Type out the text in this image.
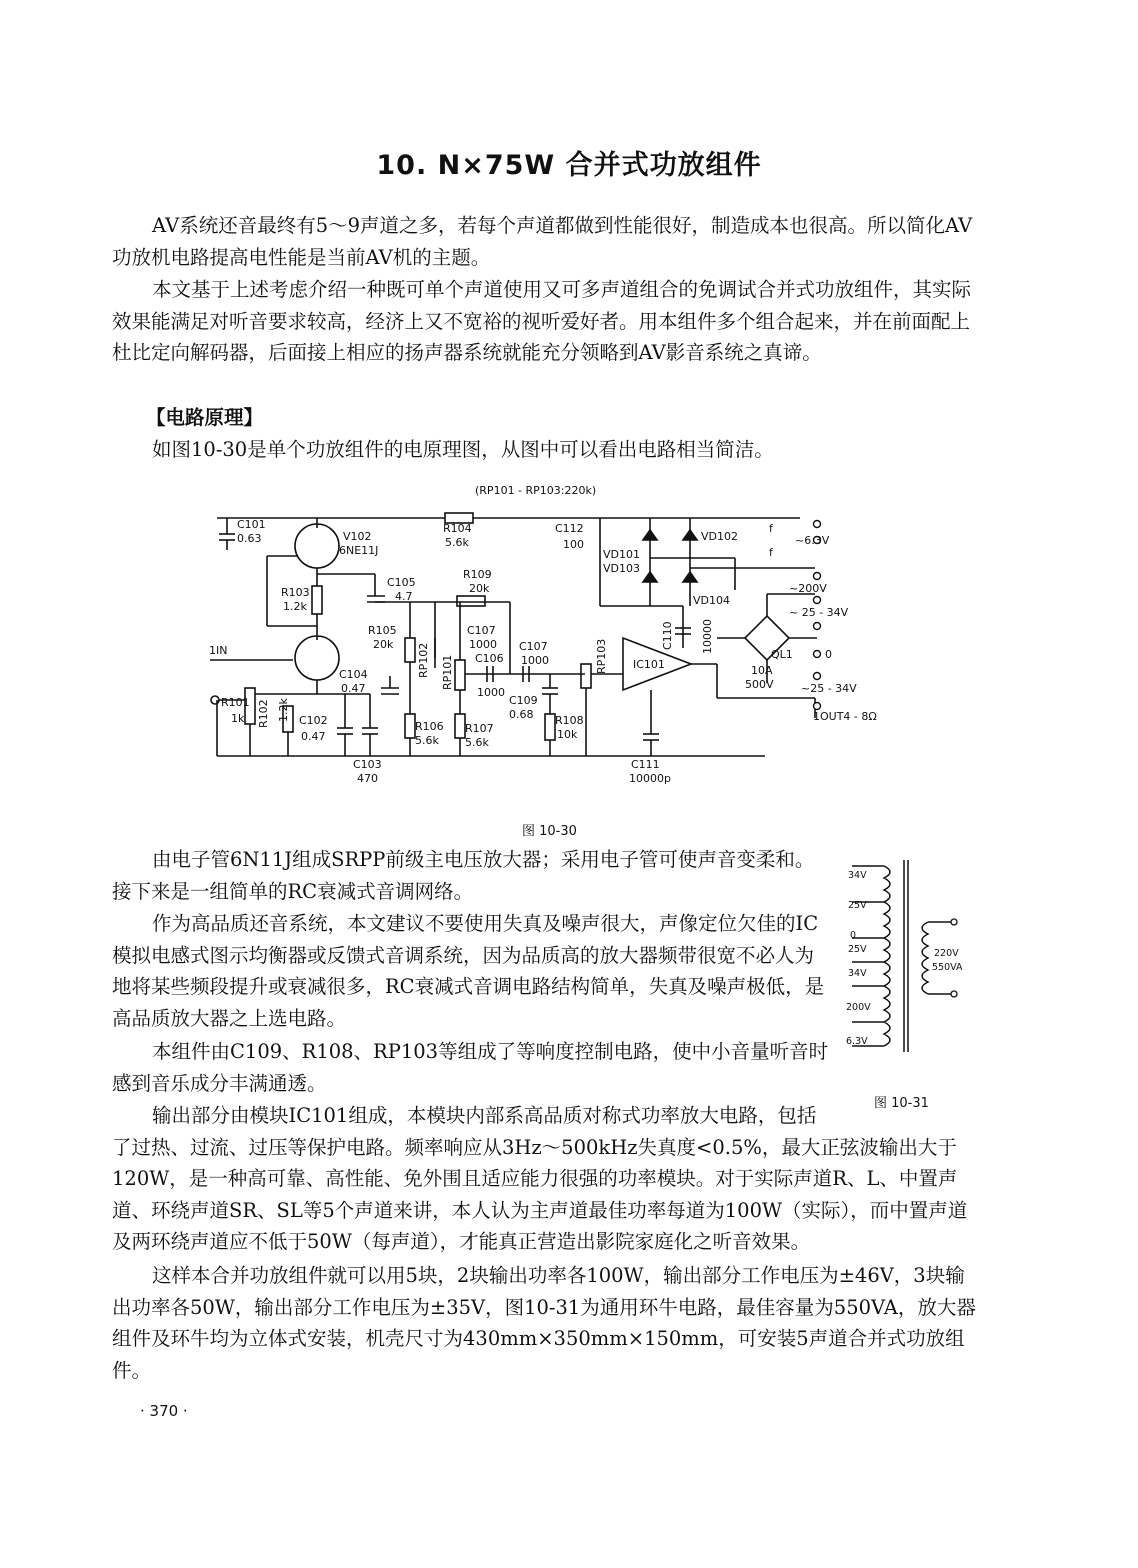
10. N×75W 合并式功放组件

AV系统还音最终有5～9声道之多，若每个声道都做到性能很好，制造成本也很高。所以简化AV功放机电路提高电性能是当前AV机的主题。

本文基于上述考虑介绍一种既可单个声道使用又可多声道组合的免调试合并式功放组件，其实际效果能满足对听音要求较高，经济上又不宽裕的视听爱好者。用本组件多个组合起来，并在前面配上杜比定向解码器，后面接上相应的扬声器系统就能充分领略到AV影音系统之真谛。

【电路原理】

如图10-30是单个功放组件的电原理图，从图中可以看出电路相当简洁。

(RP101 - RP103:220k)
C101
0.63	V102
6NE11J
R104
5.6k
C112
100
VD102
VD101
VD103
VD104
f
f
~6.3V
~200V
~ 25 - 34V
R103
1.2k
C105
4.7
R109
20k
R105
20k RP102
C107
1000
C106
1000
C107
1000
RP101	RP103
C110 10000
IC101
QL1
10A
500V
0
~25 - 34V
1IN
1OUT4 - 8Ω
C104
0.47
C109
0.68 R108
10k
R101
1k R102 1.2k C102
0.47
R106
5.6k
R107
5.6k
C103
470
C111
10000p
图 10-30

由电子管6N11J组成SRPP前级主电压放大器；采用电子管可使声音变柔和。接下来是一组简单的RC衰减式音调网络。

作为高品质还音系统，本文建议不要使用失真及噪声很大，声像定位欠佳的IC模拟电感式图示均衡器或反馈式音调系统，因为品质高的放大器频带很宽不必人为地将某些频段提升或衰减很多，RC衰减式音调电路结构简单，失真及噪声极低，是高品质放大器之上选电路。

本组件由C109、R108、RP103等组成了等响度控制电路，使中小音量听音时感到音乐成分丰满通透。

34V
25V
0
25V
34V
200V
6.3V
220V
550VA
图 10-31

输出部分由模块IC101组成，本模块内部系高品质对称式功率放大电路，包括了过热、过流、过压等保护电路。频率响应从3Hz～500kHz失真度<0.5%，最大正弦波输出大于120W，是一种高可靠、高性能、免外围且适应能力很强的功率模块。对于实际声道R、L、中置声道、环绕声道SR、SL等5个声道来讲，本人认为主声道最佳功率每道为100W（实际），而中置声道及两环绕声道应不低于50W（每声道），才能真正营造出影院家庭化之听音效果。

这样本合并功放组件就可以用5块，2块输出功率各100W，输出部分工作电压为±46V，3块输出功率各50W，输出部分工作电压为±35V，图10-31为通用环牛电路，最佳容量为550VA，放大器组件及环牛均为立体式安装，机壳尺寸为430mm×350mm×150mm，可安装5声道合并式功放组件。

· 370 ·
